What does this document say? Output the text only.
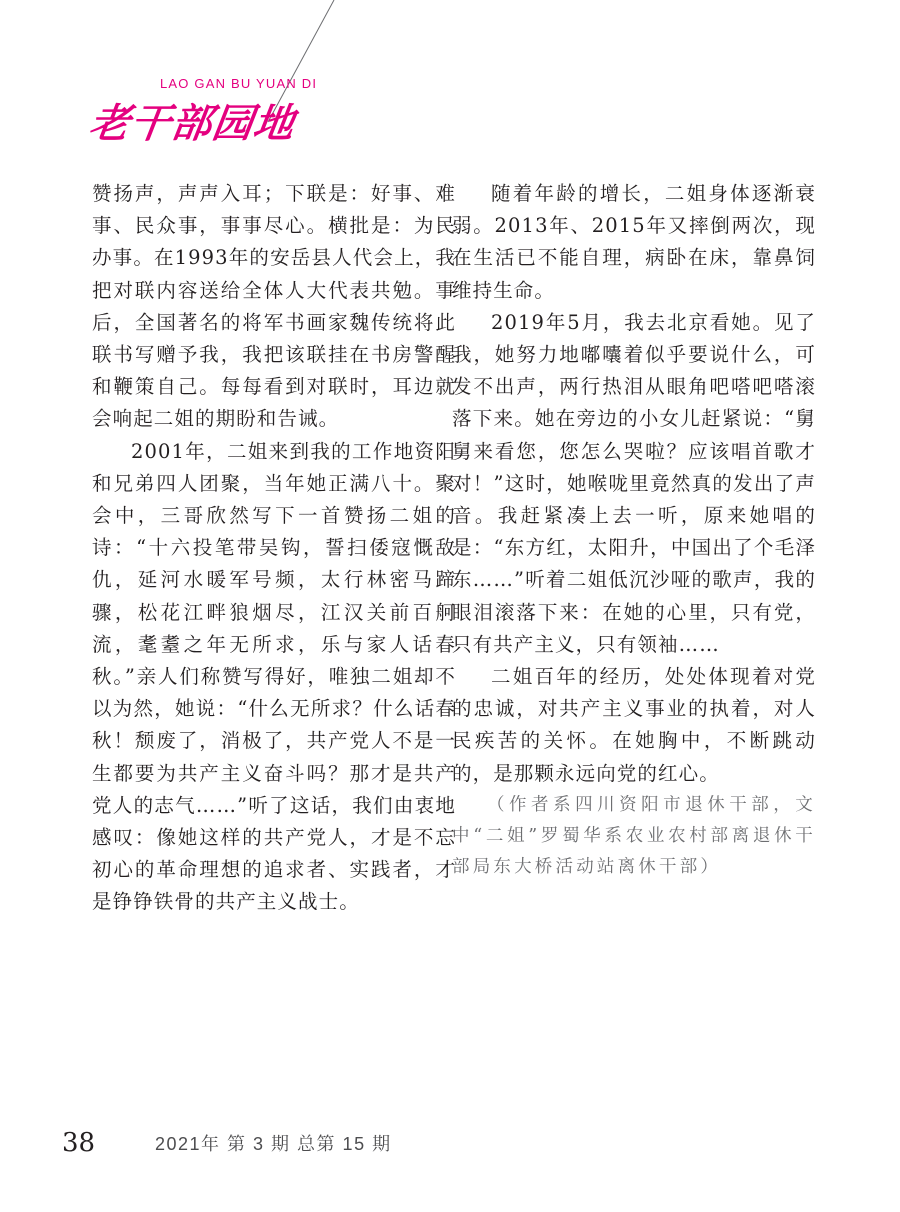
LAO GAN BU YUAN DI
老干部园地

赞扬声，声声入耳；下联是：好事、难事、民众事，事事尽心。横批是：为民办事。在1993年的安岳县人代会上，我把对联内容送给全体人大代表共勉。事后，全国著名的将军书画家魏传统将此联书写赠予我，我把该联挂在书房警醒和鞭策自己。每每看到对联时，耳边就会响起二姐的期盼和告诫。

2001年，二姐来到我的工作地资阳和兄弟四人团聚，当年她正满八十。聚会中，三哥欣然写下一首赞扬二姐的诗：“十六投笔带吴钩，誓扫倭寇慨敌仇，延河水暖军号频，太行林密马蹄骤，松花江畔狼烟尽，江汉关前百舸流，耄耋之年无所求，乐与家人话春秋。”亲人们称赞写得好，唯独二姐却不以为然，她说：“什么无所求？什么话春秋！颓废了，消极了，共产党人不是一生都要为共产主义奋斗吗？那才是共产党人的志气……”听了这话，我们由衷地感叹：像她这样的共产党人，才是不忘初心的革命理想的追求者、实践者，才是铮铮铁骨的共产主义战士。

随着年龄的增长，二姐身体逐渐衰弱。2013年、2015年又摔倒两次，现在生活已不能自理，病卧在床，靠鼻饲维持生命。

2019年5月，我去北京看她。见了我，她努力地嘟囔着似乎要说什么，可发不出声，两行热泪从眼角吧嗒吧嗒滚落下来。她在旁边的小女儿赶紧说：“舅舅来看您，您怎么哭啦？应该唱首歌才对！”这时，她喉咙里竟然真的发出了声音。我赶紧凑上去一听，原来她唱的是：“东方红，太阳升，中国出了个毛泽东……”听着二姐低沉沙哑的歌声，我的眼泪滚落下来：在她的心里，只有党，只有共产主义，只有领袖……

二姐百年的经历，处处体现着对党的忠诚，对共产主义事业的执着，对人民疾苦的关怀。在她胸中，不断跳动的，是那颗永远向党的红心。

（作者系四川资阳市退休干部，文中“二姐”罗蜀华系农业农村部离退休干部局东大桥活动站离休干部）

38	2021年 第 3 期 总第 15 期
